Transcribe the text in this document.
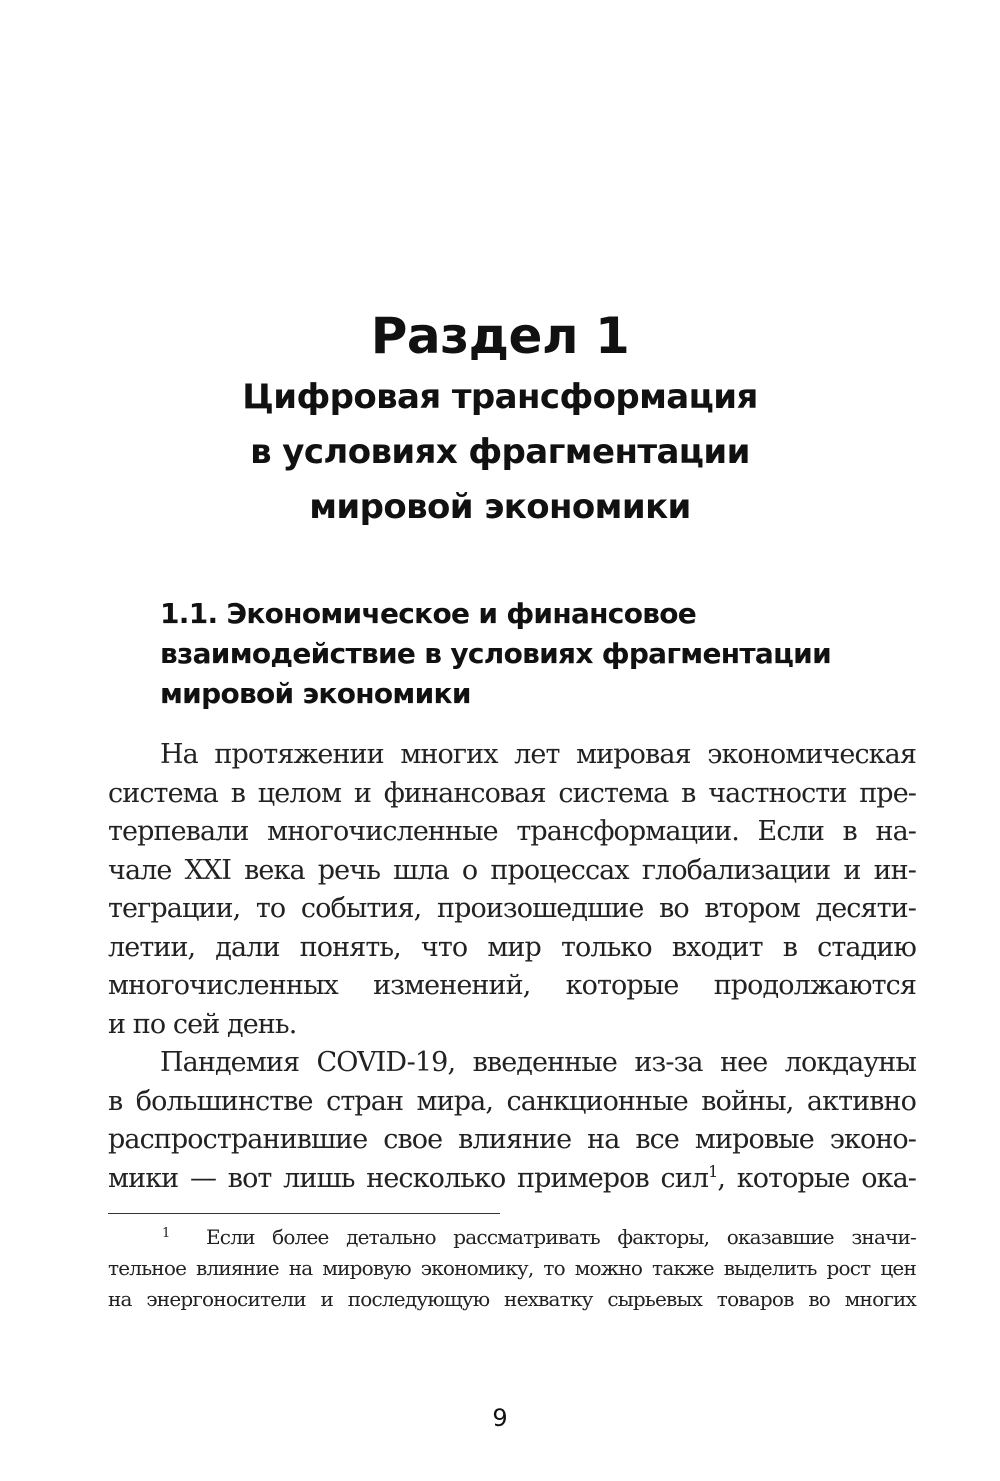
Раздел 1
Цифровая трансформация
в условиях фрагментации
мировой экономики
1.1. Экономическое и финансовое
взаимодействие в условиях фрагментации
мировой экономики
На протяжении многих лет мировая экономическая
система в целом и финансовая система в частности пре-
терпевали многочисленные трансформации. Если в на-
чале XXI века речь шла о процессах глобализации и ин-
теграции, то события, произошедшие во втором десяти-
летии, дали понять, что мир только входит в стадию
многочисленных изменений, которые продолжаются
и по сей день.
Пандемия COVID-19, введенные из-за нее локдауны
в большинстве стран мира, санкционные войны, активно
распространившие свое влияние на все мировые эконо-
мики — вот лишь несколько примеров сил$^1$, которые ока-
1 Если более детально рассматривать факторы, оказавшие значи-
тельное влияние на мировую экономику, то можно также выделить рост цен
на энергоносители и последующую нехватку сырьевых товаров во многих
9
